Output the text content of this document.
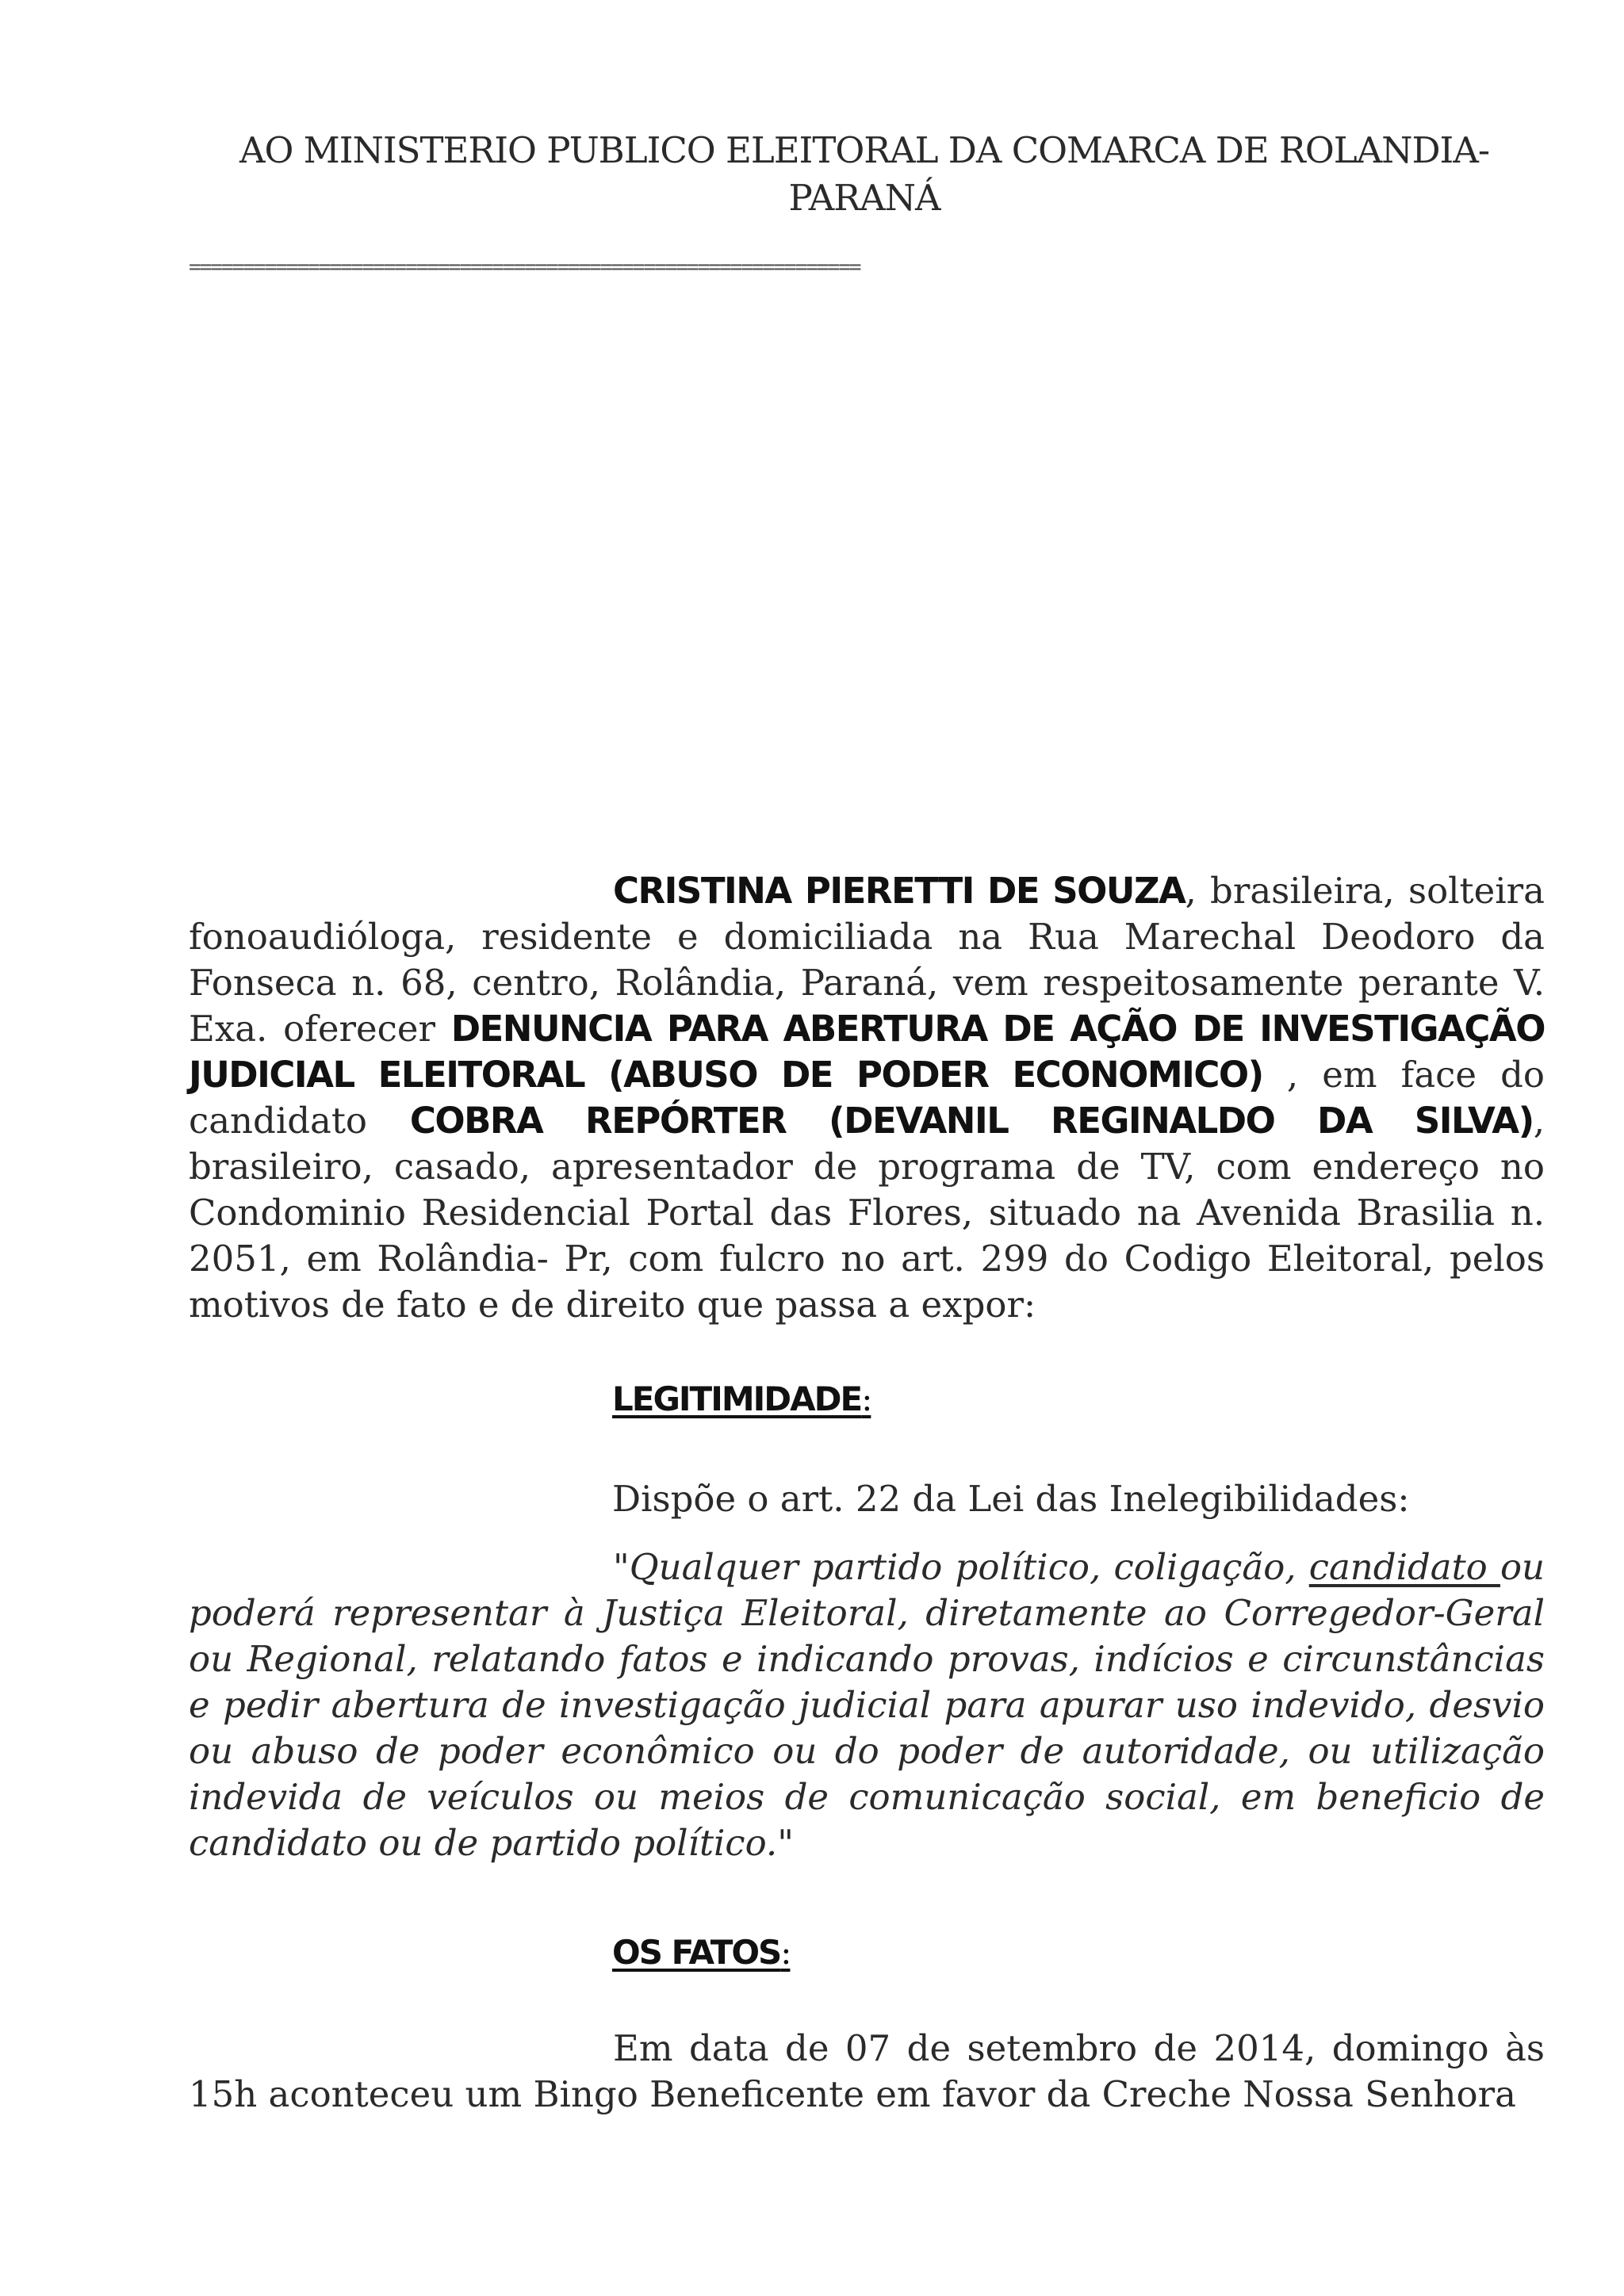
AO MINISTERIO PUBLICO ELEITORAL DA COMARCA DE ROLANDIA-
PARANÁ
==============================================================
CRISTINA PIERETTI DE SOUZA, brasileira, solteira fonoaudióloga, residente e domiciliada na Rua Marechal Deodoro da Fonseca n. 68, centro, Rolândia, Paraná, vem respeitosamente perante V. Exa. oferecer DENUNCIA PARA ABERTURA DE AÇÃO DE INVESTIGAÇÃO JUDICIAL ELEITORAL (ABUSO DE PODER ECONOMICO) , em face do candidato COBRA REPÓRTER (DEVANIL REGINALDO DA SILVA), brasileiro, casado, apresentador de programa de TV, com endereço no Condominio Residencial Portal das Flores, situado na Avenida Brasilia n. 2051, em Rolândia- Pr, com fulcro no art. 299 do Codigo Eleitoral, pelos motivos de fato e de direito que passa a expor:
LEGITIMIDADE:
Dispõe o art. 22 da Lei das Inelegibilidades:
"Qualquer partido político, coligação, candidato ou poderá representar à Justiça Eleitoral, diretamente ao Corregedor-Geral ou Regional, relatando fatos e indicando provas, indícios e circunstâncias e pedir abertura de investigação judicial para apurar uso indevido, desvio ou abuso de poder econômico ou do poder de autoridade, ou utilização indevida de veículos ou meios de comunicação social, em beneficio de candidato ou de partido político."
OS FATOS:
Em data de 07 de setembro de 2014, domingo às 15h aconteceu um Bingo Beneficente em favor da Creche Nossa Senhora
